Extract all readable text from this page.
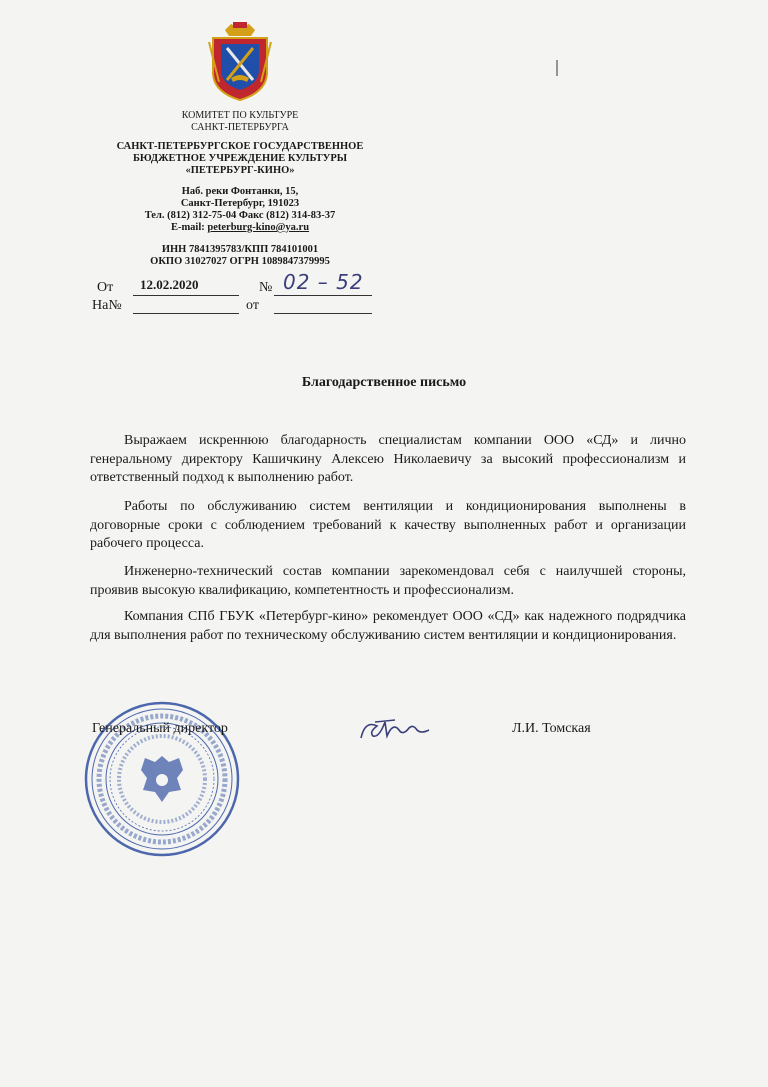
КОМИТЕТ ПО КУЛЬТУРЕ
САНКТ-ПЕТЕРБУРГА
САНКТ-ПЕТЕРБУРГСКОЕ ГОСУДАРСТВЕННОЕ
БЮДЖЕТНОЕ УЧРЕЖДЕНИЕ КУЛЬТУРЫ
«ПЕТЕРБУРГ-КИНО»
Наб. реки Фонтанки, 15,
Санкт-Петербург, 191023
Тел. (812) 312-75-04 Факс (812) 314-83-37
E-mail: peterburg-kino@ya.ru
ИНН 7841395783/КПП 784101001
ОКПО 31027027 ОГРН 1089847379995
От 12.02.2020	№ 02 – 52
На№	от
Благодарственное письмо

Выражаем искреннюю благодарность специалистам компании ООО «СД» и лично генеральному директору Кашичкину Алексею Николаевичу за высокий профессионализм и ответственный подход к выполнению работ.

Работы по обслуживанию систем вентиляции и кондиционирования выполнены в договорные сроки с соблюдением требований к качеству выполненных работ и организации рабочего процесса.

Инженерно-технический состав компании зарекомендовал себя с наилучшей стороны, проявив высокую квалификацию, компетентность и профессионализм.

Компания СПб ГБУК «Петербург-кино» рекомендует ООО «СД» как надежного подрядчика для выполнения работ по техническому обслуживанию систем вентиляции и кондиционирования.

Генеральный директор	Л.И. Томская
